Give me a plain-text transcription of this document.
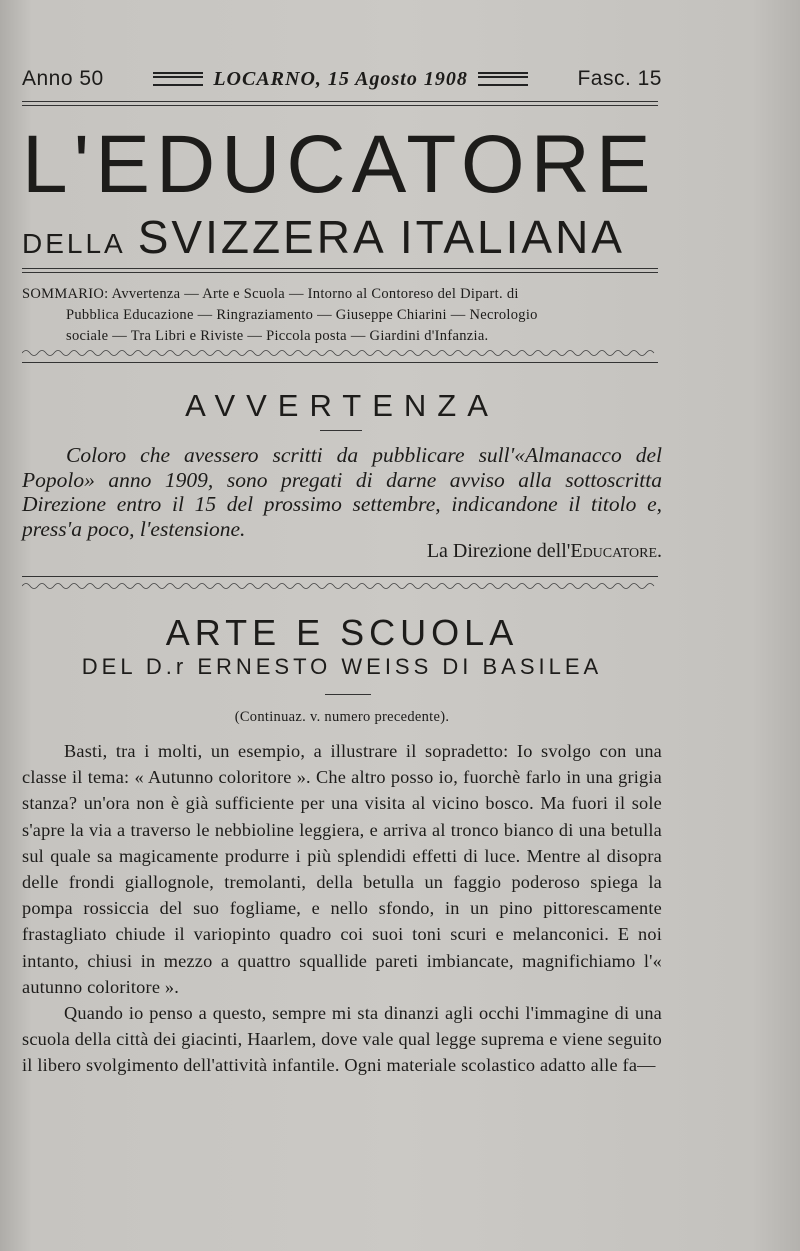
Anno 50	LOCARNO, 15 Agosto 1908	Fasc. 15
L'EDUCATORE
DELLA SVIZZERA ITALIANA
SOMMARIO: Avvertenza — Arte e Scuola — Intorno al Contoreso del Dipart. di
Pubblica Educazione — Ringraziamento — Giuseppe Chiarini — Necrologio
sociale — Tra Libri e Riviste — Piccola posta — Giardini d'Infanzia.
AVVERTENZA
Coloro che avessero scritti da pubblicare sull'«Almanacco del Popolo» anno 1909, sono pregati di darne avviso alla sottoscritta Direzione entro il 15 del prossimo settembre, indicandone il titolo e, press'a poco, l'estensione.
La Direzione dell'Educatore.
ARTE E SCUOLA
DEL D.r ERNESTO WEISS DI BASILEA
(Continuaz. v. numero precedente).

Basti, tra i molti, un esempio, a illustrare il sopradetto: Io svolgo con una classe il tema: « Autunno coloritore ». Che altro posso io, fuorchè farlo in una grigia stanza? un'ora non è già sufficiente per una visita al vicino bosco. Ma fuori il sole s'apre la via a traverso le nebbioline leggiera, e arriva al tronco bianco di una betulla sul quale sa magicamente produrre i più splendidi effetti di luce. Mentre al disopra delle frondi giallognole, tremolanti, della betulla un faggio poderoso spiega la pompa rossiccia del suo fogliame, e nello sfondo, in un pino pittorescamente frastagliato chiude il variopinto quadro coi suoi toni scuri e melanconici. E noi intanto, chiusi in mezzo a quattro squallide pareti imbiancate, magnifichiamo l'« autunno coloritore ».

Quando io penso a questo, sempre mi sta dinanzi agli occhi l'immagine di una scuola della città dei giacinti, Haarlem, dove vale qual legge suprema e viene seguito il libero svolgimento dell'attività infantile. Ogni materiale scolastico adatto alle fa—
